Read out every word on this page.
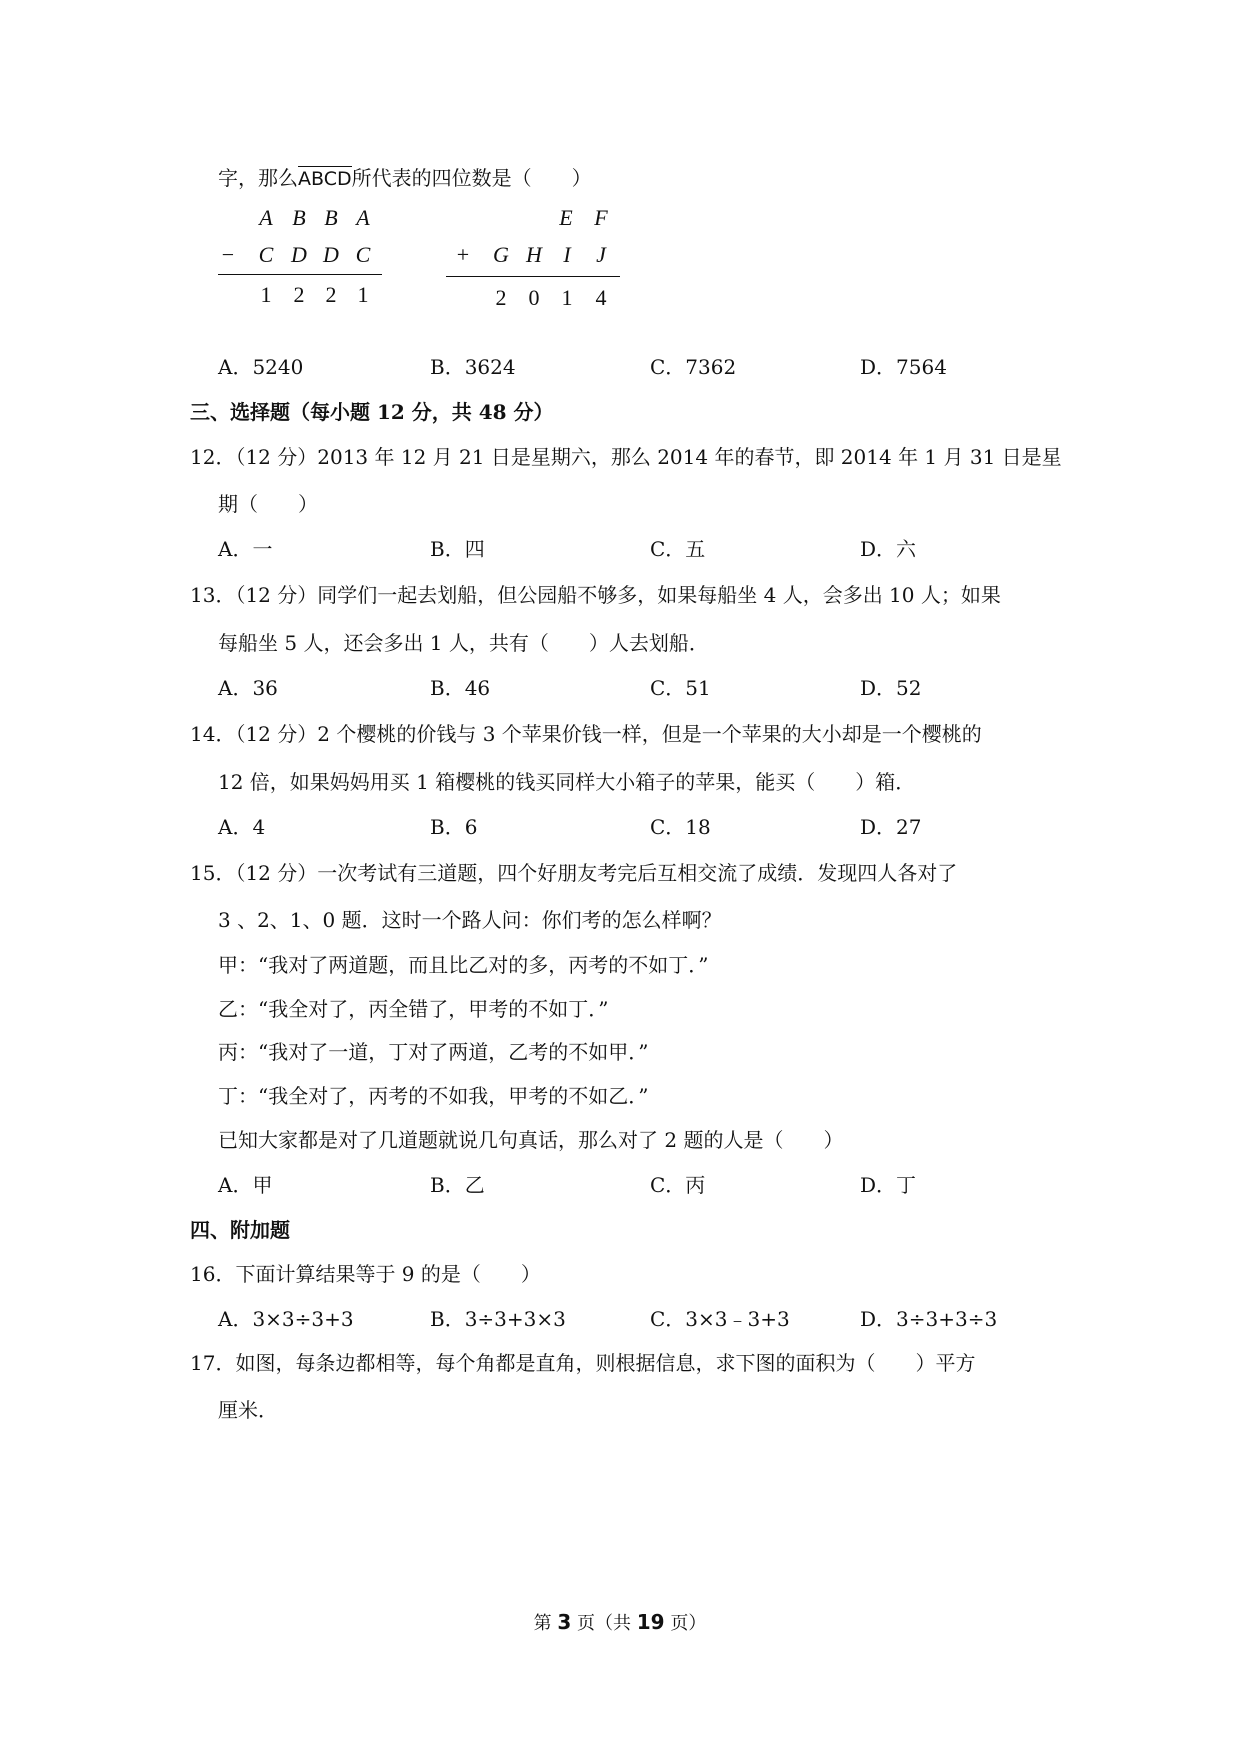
字，那么ABCD所代表的四位数是（　　）
A B B A
− C D D C
1 2 2 1
E F
+ G H I	J
2 0 1 4
A．5240	B．3624	C．7362	D．7564
三、选择题（每小题 12 分，共 48 分）
12．（12 分）2013 年 12 月 21 日是星期六，那么 2014 年的春节，即 2014 年 1 月 31 日是星
期（　　）
A．一	B．四	C．五	D．六
13．（12 分）同学们一起去划船，但公园船不够多，如果每船坐 4 人，会多出 10 人；如果
每船坐 5 人，还会多出 1 人，共有（　　）人去划船．
A．36	B．46	C．51	D．52
14．（12 分）2 个樱桃的价钱与 3 个苹果价钱一样，但是一个苹果的大小却是一个樱桃的
12 倍，如果妈妈用买 1 箱樱桃的钱买同样大小箱子的苹果，能买（　　）箱．
A．4	B．6	C．18	D．27
15．（12 分）一次考试有三道题，四个好朋友考完后互相交流了成绩．发现四人各对了
3 、2、1、0 题．这时一个路人问：你们考的怎么样啊？
甲：“我对了两道题，而且比乙对的多，丙考的不如丁．”
乙：“我全对了，丙全错了，甲考的不如丁．”
丙：“我对了一道，丁对了两道，乙考的不如甲．”
丁：“我全对了，丙考的不如我，甲考的不如乙．”
已知大家都是对了几道题就说几句真话，那么对了 2 题的人是（　　）
A．甲	B．乙	C．丙	D．丁
四、附加题
16．下面计算结果等于 9 的是（　　）
A．3×3÷3+3	B．3÷3+3×3	C．3×3﹣3+3	D．3÷3+3÷3
17．如图，每条边都相等，每个角都是直角，则根据信息，求下图的面积为（　　）平方
厘米．
第 3 页（共 19 页）
